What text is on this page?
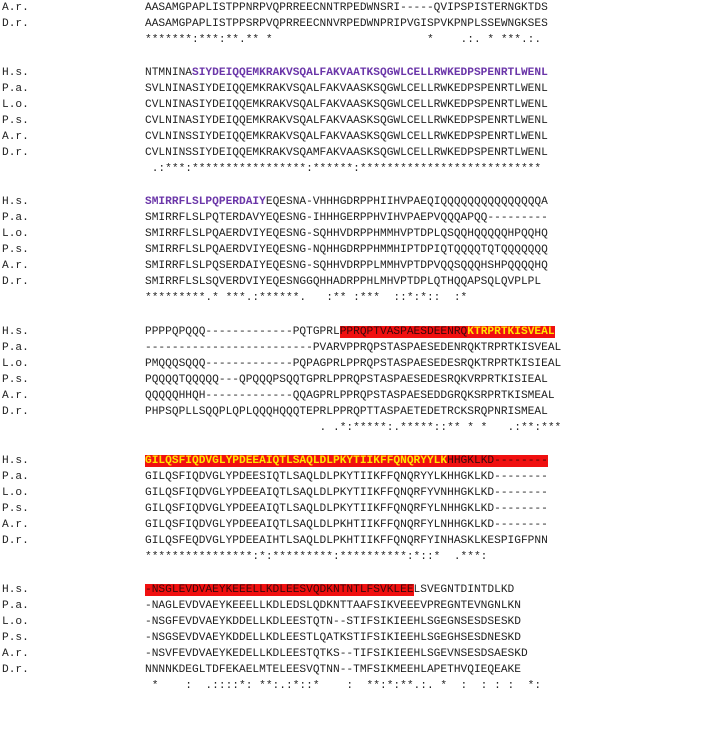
A.r.	AASAMGPAPLISTPPNRPVQPRREECNNTRPEDWNSRI-----QVIPSPISTERNGKTDS
D.r.	AASAMGPAPLISTPPSRPVQPRREECNNVRPEDWNPRIPVGISPVKPNPLSSEWNGKSES
*******:***:**.** *                       *    .:. * ***.:.
H.s.	NTMNINASIYDEIQQEMKRAKVSQALFAKVAATKSQGWLCELLRWKEDPSPENRTLWENL
P.a.	SVLNINASIYDEIQQEMKRAKVSQALFAKVAASKSQGWLCELLRWKEDPSPENRTLWENL
L.o.	CVLNINASIYDEIQQEMKRAKVSQALFAKVAASKSQGWLCELLRWKEDPSPENRTLWENL
P.s.	CVLNINASIYDEIQQEMKRAKVSQALFAKVAASKSQGWLCELLRWKEDPSPENRTLWENL
A.r.	CVLNINSSIYDEIQQEMKRAKVSQALFAKVAASKSQGWLCELLRWKEDPSPENRTLWENL
D.r.	CVLNINSSIYDEIQQEMKRAKVSQAMFAKVAASKSQGWLCELLRWKEDPSPENRTLWENL
.:***:*****************:******:***************************
H.s.	SMIRRFLSLPQPERDAIYEQESNA-VHHHGDRPPHIIHVPAEQIQQQQQQQQQQQQQQQA
P.a.	SMIRRFLSLPQTERDAVYEQESNG-IHHHGERPPHVIHVPAEPVQQQAPQQ---------
L.o.	SMIRRFLSLPQAERDVIYEQESNG-SQHHVDRPPHMMHVPTDPLQSQQHQQQQQHPQQHQ
P.s.	SMIRRFLSLPQAERDVIYEQESNG-NQHHGDRPPHMMHIPTDPIQTQQQQTQTQQQQQQQ
A.r.	SMIRRFLSLPQSERDAIYEQESNG-SQHHVDRPPLMMHVPTDPVQQSQQQHSHPQQQQHQ
D.r.	SMIRRFLSLSQVERDVIYEQESNGGQHHADRPPHLMHVPTDPLQTHQQAPSQLQVPLPL
*********.* ***.:******.   :** :***  ::*:*::  :*
H.s.	PPPPQPQQQ-------------PQTGPRLPPRQPTVASPAESDEENRQKTRPRTKISVEAL
P.a.	-------------------------PVARVPPRQPSTASPAESEDENRQKTRPRTKISVEAL
L.o.	PMQQQSQQQ-------------PQPAGPRLPPRQPSTASPAESEDESRQKTRPRTKISIEAL
P.s.	PQQQQTQQQQQ---QPQQQPSQQTGPRLPPRQPSTASPAESEDESRQKVRPRTKISIEAL
A.r.	QQQQQHHQH-------------QQAGPRLPPRQPSTASPAESEDDGRQKSRPRTKISMEAL
D.r.	PHPSQPLLSQQPLQPLQQQHQQQTEPRLPPRQPTTASPAETEDETRCKSRQPNRISMEAL
. .*:*****:.*****::** * *   .:**:***
H.s.	GILQSFIQDVGLYPDEEAIQTLSAQLDLPKYTIIKFFQNQRYYLKHHGKLKD--------
P.a.	GILQSFIQDVGLYPDEESIQTLSAQLDLPKYTIIKFFQNQRYYLKHHGKLKD--------
L.o.	GILQSFIQDVGLYPDEEAIQTLSAQLDLPKYTIIKFFQNQRFYVNHHGKLKD--------
P.s.	GILQSFIQDVGLYPDEEAIQTLSAQLDLPKYTIIKFFQNQRFYLNHHGKLKD--------
A.r.	GILQSFIQDVGLYPDEEAIQTLSAQLDLPKHTIIKFFQNQRFYLNHHGKLKD--------
D.r.	GILQSFEQDVGLYPDEEAIHTLSAQLDLPKHTIIKFFQNQRFYINHASKLKESPIGFPNN
****************:*:*********:**********:*::*  .***:
H.s.	-NSGLEVDVAEYKEEELLKDLEESVQDKNTNTLFSVKLEELSVEGNTDINTDLKD
P.a.	-NAGLEVDVAEYKEEELLKDLEDSLQDKNTTAAFSIKVEEEVPREGNTEVNGNLKN
L.o.	-NSGFEVDVAEYKDDELLKDLEESTQTN--STIFSIKIEEHLSGEGNSESDSESKD
P.s.	-NSGSEVDVAEYKDDELLKDLEESTLQATKSTIFSIKIEEHLSGEGHSESDNESKD
A.r.	-NSVFEVDVAEYKEDELLKDLEESTQTKS--TIFSIKIEEHLSGEVNSESDSAESKD
D.r.	NNNNKDEGLTDFEKAELMTELEESVQTNN--TMFSIKMEEHLAPETHVQIEQEAKE
*    :  .::::*: **:.:*::*    :  **:*:**.:. *  :  : : :  *:
